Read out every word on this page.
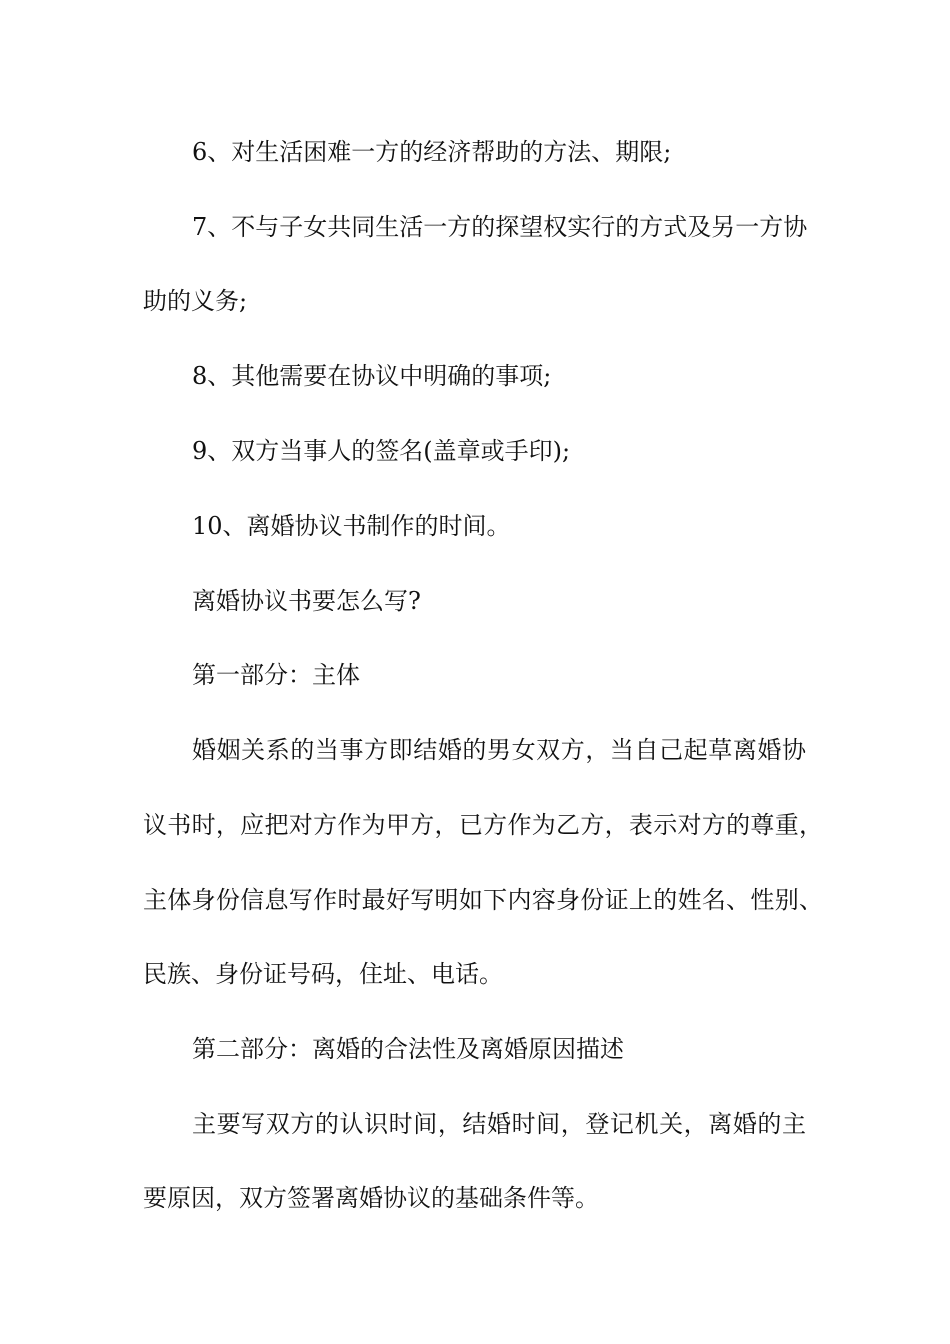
6、对生活困难一方的经济帮助的方法、期限;
7、不与子女共同生活一方的探望权实行的方式及另一方协
助的义务;
8、其他需要在协议中明确的事项;
9、双方当事人的签名(盖章或手印);
10、离婚协议书制作的时间。
离婚协议书要怎么写?
第一部分：主体
婚姻关系的当事方即结婚的男女双方，当自己起草离婚协
议书时，应把对方作为甲方，已方作为乙方，表示对方的尊重，
主体身份信息写作时最好写明如下内容身份证上的姓名、性别、
民族、身份证号码，住址、电话。
第二部分：离婚的合法性及离婚原因描述
主要写双方的认识时间，结婚时间，登记机关，离婚的主
要原因，双方签署离婚协议的基础条件等。
